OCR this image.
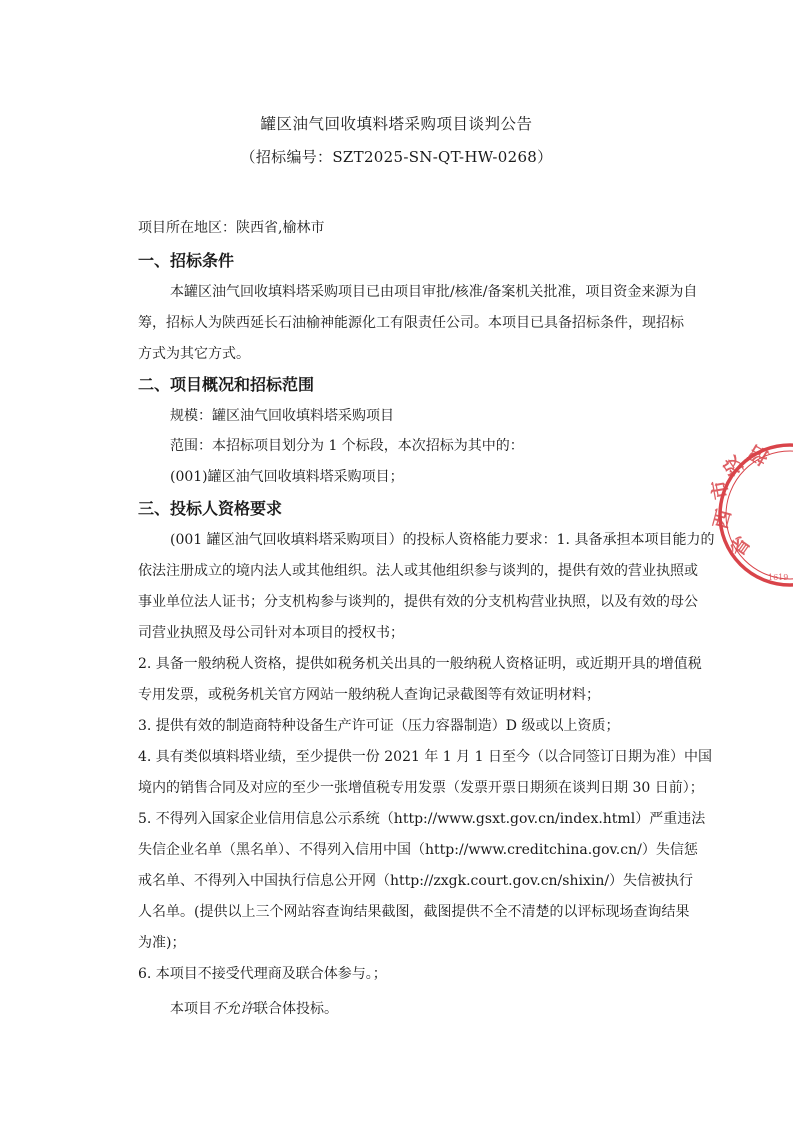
罐区油气回收填料塔采购项目谈判公告
（招标编号：SZT2025-SN-QT-HW-0268）
项目所在地区：陕西省,榆林市
一、招标条件
本罐区油气回收填料塔采购项目已由项目审批/核准/备案机关批准，项目资金来源为自
筹，招标人为陕西延长石油榆神能源化工有限责任公司。本项目已具备招标条件，现招标
方式为其它方式。
二、项目概况和招标范围
规模：罐区油气回收填料塔采购项目
范围：本招标项目划分为 1 个标段，本次招标为其中的：
(001)罐区油气回收填料塔采购项目；
三、投标人资格要求
(001 罐区油气回收填料塔采购项目）的投标人资格能力要求：1. 具备承担本项目能力的
依法注册成立的境内法人或其他组织。法人或其他组织参与谈判的，提供有效的营业执照或
事业单位法人证书；分支机构参与谈判的，提供有效的分支机构营业执照，以及有效的母公
司营业执照及母公司针对本项目的授权书；
2. 具备一般纳税人资格，提供如税务机关出具的一般纳税人资格证明，或近期开具的增值税
专用发票，或税务机关官方网站一般纳税人查询记录截图等有效证明材料；
3. 提供有效的制造商特种设备生产许可证（压力容器制造）D 级或以上资质；
4. 具有类似填料塔业绩，至少提供一份 2021 年 1 月 1 日至今（以合同签订日期为准）中国
境内的销售合同及对应的至少一张增值税专用发票（发票开票日期须在谈判日期 30 日前）；
5. 不得列入国家企业信用信息公示系统（http://www.gsxt.gov.cn/index.html）严重违法
失信企业名单（黑名单）、不得列入信用中国（http://www.creditchina.gov.cn/）失信惩
戒名单、不得列入中国执行信息公开网（http://zxgk.court.gov.cn/shixin/）失信被执行
人名单。(提供以上三个网站容查询结果截图，截图提供不全不清楚的以评标现场查询结果
为准)；
6. 本项目不接受代理商及联合体参与。；
本项目不允许联合体投标。
省
西
市
投
招
1619
